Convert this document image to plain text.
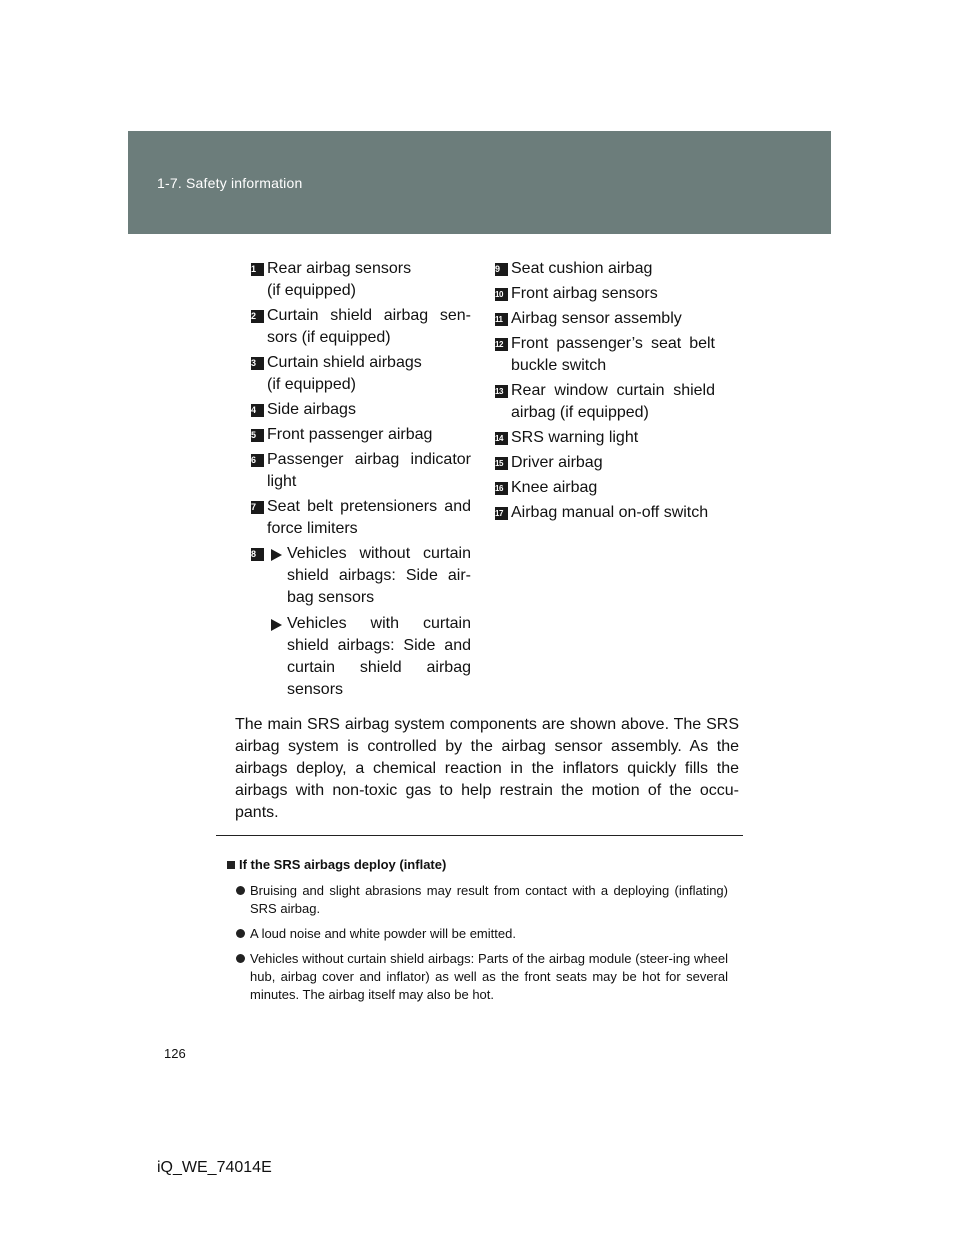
1-7. Safety information
1 Rear airbag sensors
(if equipped)
2 Curtain shield airbag sen-sors (if equipped)
3 Curtain shield airbags
(if equipped)
4 Side airbags
5 Front passenger airbag
6 Passenger airbag indicator light
7 Seat belt pretensioners and force limiters
8	Vehicles without curtain shield airbags: Side air-bag sensors
Vehicles with curtain shield airbags: Side and curtain shield airbag sensors
9 Seat cushion airbag
10 Front airbag sensors
11 Airbag sensor assembly
12 Front passenger’s seat belt buckle switch
13 Rear window curtain shield airbag (if equipped)
14 SRS warning light
15 Driver airbag
16 Knee airbag
17 Airbag manual on-off switch
The main SRS airbag system components are shown above. The SRS airbag system is controlled by the airbag sensor assembly. As the airbags deploy, a chemical reaction in the inflators quickly fills the airbags with non-toxic gas to help restrain the motion of the occu-pants.
If the SRS airbags deploy (inflate)
Bruising and slight abrasions may result from contact with a deploying (inflating) SRS airbag.
A loud noise and white powder will be emitted.
Vehicles without curtain shield airbags: Parts of the airbag module (steer-ing wheel hub, airbag cover and inflator) as well as the front seats may be hot for several minutes. The airbag itself may also be hot.
126
iQ_WE_74014E
